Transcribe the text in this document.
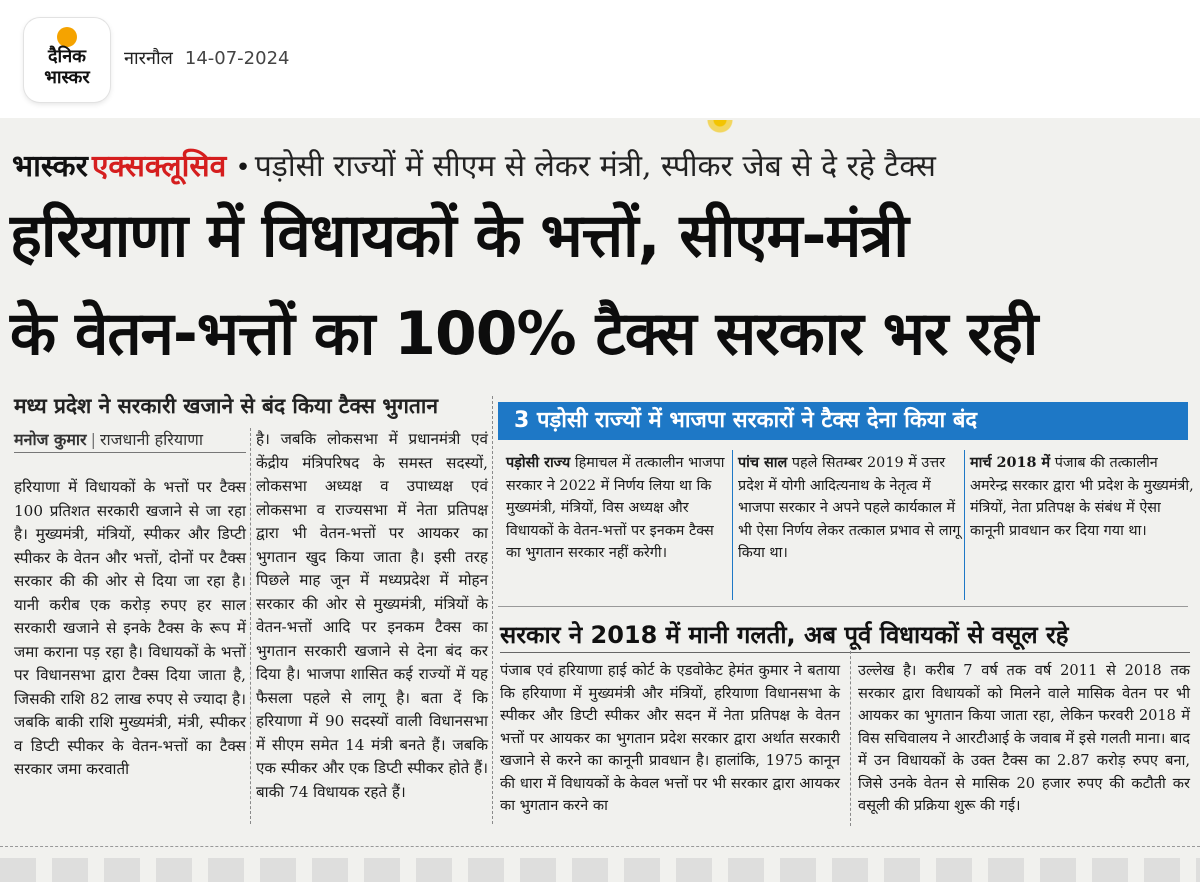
दैनिक
भास्कर
नारनौल 14-07-2024
भास्कर एक्सक्लूसिव • पड़ोसी राज्यों में सीएम से लेकर मंत्री, स्पीकर जेब से दे रहे टैक्स
हरियाणा में विधायकों के भत्तों, सीएम-मंत्री
के वेतन-भत्तों का 100% टैक्स सरकार भर रही
मध्य प्रदेश ने सरकारी खजाने से बंद किया टैक्स भुगतान
मनोज कुमार | राजधानी हरियाणा
हरियाणा में विधायकों के भत्तों पर टैक्स 100 प्रतिशत सरकारी खजाने से जा रहा है। मुख्यमंत्री, मंत्रियों, स्पीकर और डिप्टी स्पीकर के वेतन और भत्तों, दोनों पर टैक्स सरकार की की ओर से दिया जा रहा है। यानी करीब एक करोड़ रुपए हर साल सरकारी खजाने से इनके टैक्स के रूप में जमा कराना पड़ रहा है। विधायकों के भत्तों पर विधानसभा द्वारा टैक्स दिया जाता है, जिसकी राशि 82 लाख रुपए से ज्यादा है। जबकि बाकी राशि मुख्यमंत्री, मंत्री, स्पीकर व डिप्टी स्पीकर के वेतन-भत्तों का टैक्स सरकार जमा करवाती
है। जबकि लोकसभा में प्रधानमंत्री एवं केंद्रीय मंत्रिपरिषद के समस्त सदस्यों, लोकसभा अध्यक्ष व उपाध्यक्ष एवं लोकसभा व राज्यसभा में नेता प्रतिपक्ष द्वारा भी वेतन-भत्तों पर आयकर का भुगतान खुद किया जाता है। इसी तरह पिछले माह जून में मध्यप्रदेश में मोहन सरकार की ओर से मुख्यमंत्री, मंत्रियों के वेतन-भत्तों आदि पर इनकम टैक्स का भुगतान सरकारी खजाने से देना बंद कर दिया है। भाजपा शासित कई राज्यों में यह फैसला पहले से लागू है। बता दें कि हरियाणा में 90 सदस्यों वाली विधानसभा में सीएम समेत 14 मंत्री बनते हैं। जबकि एक स्पीकर और एक डिप्टी स्पीकर होते हैं। बाकी 74 विधायक रहते हैं।
3 पड़ोसी राज्यों में भाजपा सरकारों ने टैक्स देना किया बंद
पड़ोसी राज्य हिमाचल में तत्कालीन भाजपा सरकार ने 2022 में निर्णय लिया था कि मुख्यमंत्री, मंत्रियों, विस अध्यक्ष और विधायकों के वेतन-भत्तों पर इनकम टैक्स का भुगतान सरकार नहीं करेगी।
पांच साल पहले सितम्बर 2019 में उत्तर प्रदेश में योगी आदित्यनाथ के नेतृत्व में भाजपा सरकार ने अपने पहले कार्यकाल में भी ऐसा निर्णय लेकर तत्काल प्रभाव से लागू किया था।
मार्च 2018 में पंजाब की तत्कालीन अमरेन्द्र सरकार द्वारा भी प्रदेश के मुख्यमंत्री, मंत्रियों, नेता प्रतिपक्ष के संबंध में ऐसा कानूनी प्रावधान कर दिया गया था।
सरकार ने 2018 में मानी गलती, अब पूर्व विधायकों से वसूल रहे
पंजाब एवं हरियाणा हाई कोर्ट के एडवोकेट हेमंत कुमार ने बताया कि हरियाणा में मुख्यमंत्री और मंत्रियों, हरियाणा विधानसभा के स्पीकर और डिप्टी स्पीकर और सदन में नेता प्रतिपक्ष के वेतन भत्तों पर आयकर का भुगतान प्रदेश सरकार द्वारा अर्थात सरकारी खजाने से करने का कानूनी प्रावधान है। हालांकि, 1975 कानून की धारा में विधायकों के केवल भत्तों पर भी सरकार द्वारा आयकर का भुगतान करने का
उल्लेख है। करीब 7 वर्ष तक वर्ष 2011 से 2018 तक सरकार द्वारा विधायकों को मिलने वाले मासिक वेतन पर भी आयकर का भुगतान किया जाता रहा, लेकिन फरवरी 2018 में विस सचिवालय ने आरटीआई के जवाब में इसे गलती माना। बाद में उन विधायकों के उक्त टैक्स का 2.87 करोड़ रुपए बना, जिसे उनके वेतन से मासिक 20 हजार रुपए की कटौती कर वसूली की प्रक्रिया शुरू की गई।
